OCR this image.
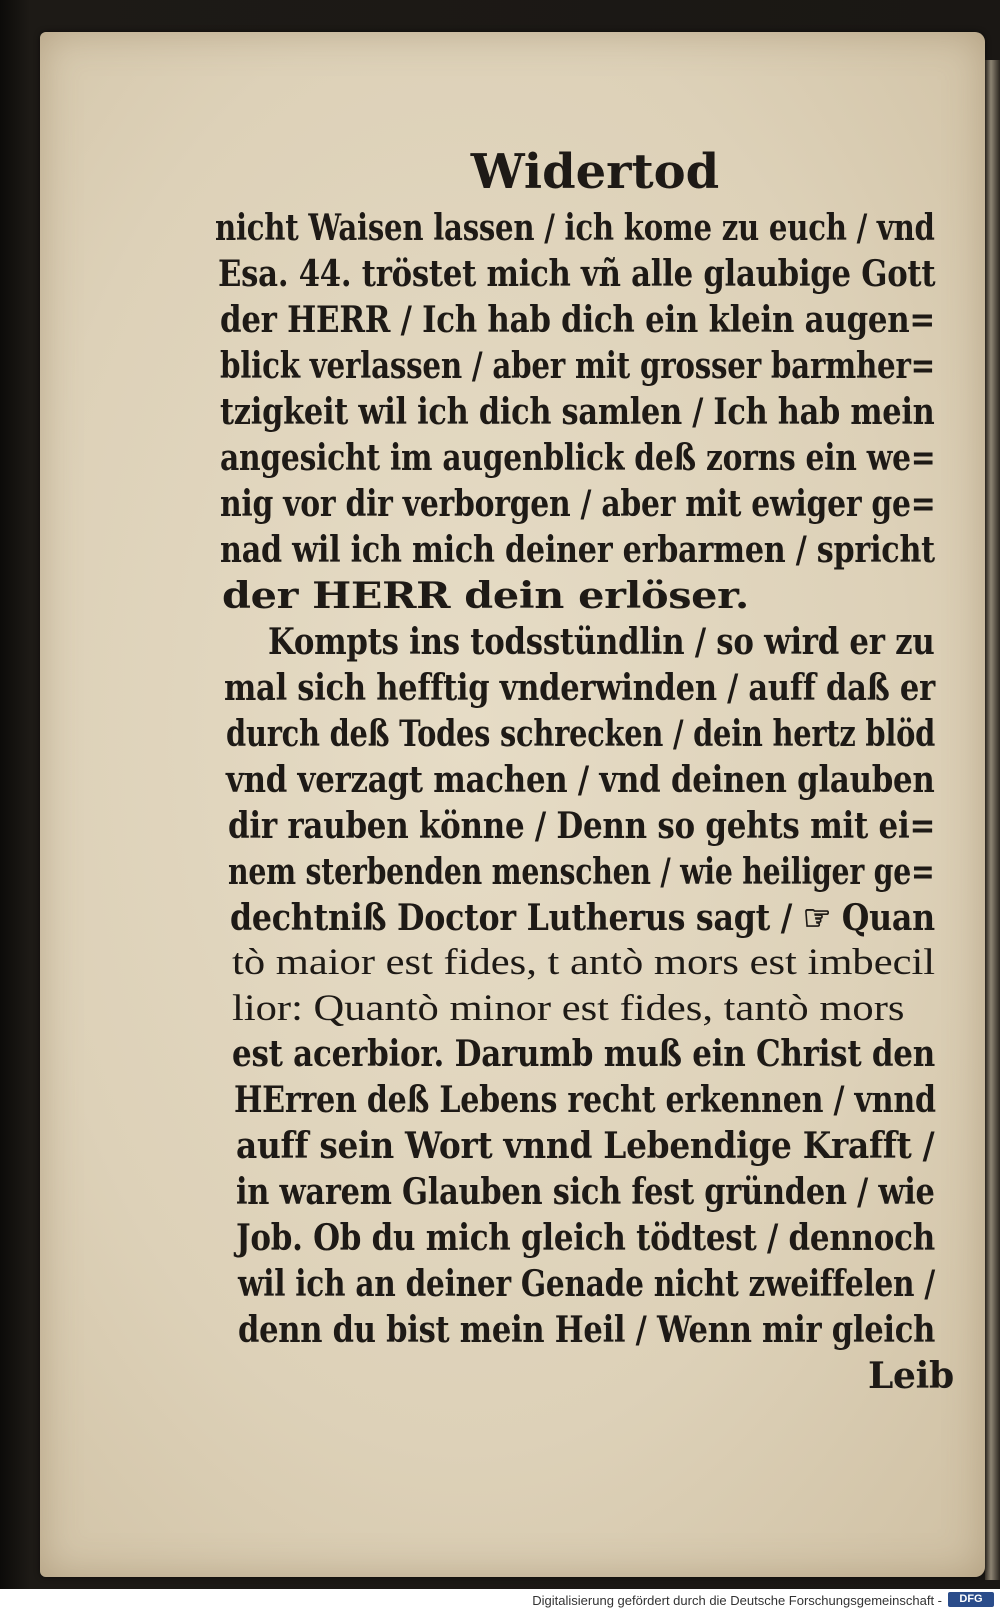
Widertod
nicht Waisen lassen / ich kome zu euch / vnd
Esa. 44. tröstet mich vñ alle glaubige Gott
der HERR / Ich hab dich ein klein augen=
blick verlassen / aber mit grosser barmher=
tzigkeit wil ich dich samlen / Ich hab mein
angesicht im augenblick deß zorns ein we=
nig vor dir verborgen / aber mit ewiger ge=
nad wil ich mich deiner erbarmen / spricht
der HERR dein erlöser.
Kompts ins todsstündlin / so wird er zu
mal sich hefftig vnderwinden / auff daß er
durch deß Todes schrecken / dein hertz blöd
vnd verzagt machen / vnd deinen glauben
dir rauben könne / Denn so gehts mit ei=
nem sterbenden menschen / wie heiliger ge=
dechtniß Doctor Lutherus sagt / ☞ Quan
tò maior est fides, t antò mors est imbecil
lior: Quantò minor est fides, tantò mors
est acerbior. Darumb muß ein Christ den
HErren deß Lebens recht erkennen / vnnd
auff sein Wort vnnd Lebendige Krafft /
in warem Glauben sich fest gründen / wie
Job. Ob du mich gleich tödtest / dennoch
wil ich an deiner Genade nicht zweiffelen /
denn du bist mein Heil / Wenn mir gleich
Leib
Digitalisierung gefördert durch die Deutsche Forschungsgemeinschaft -	DFG
